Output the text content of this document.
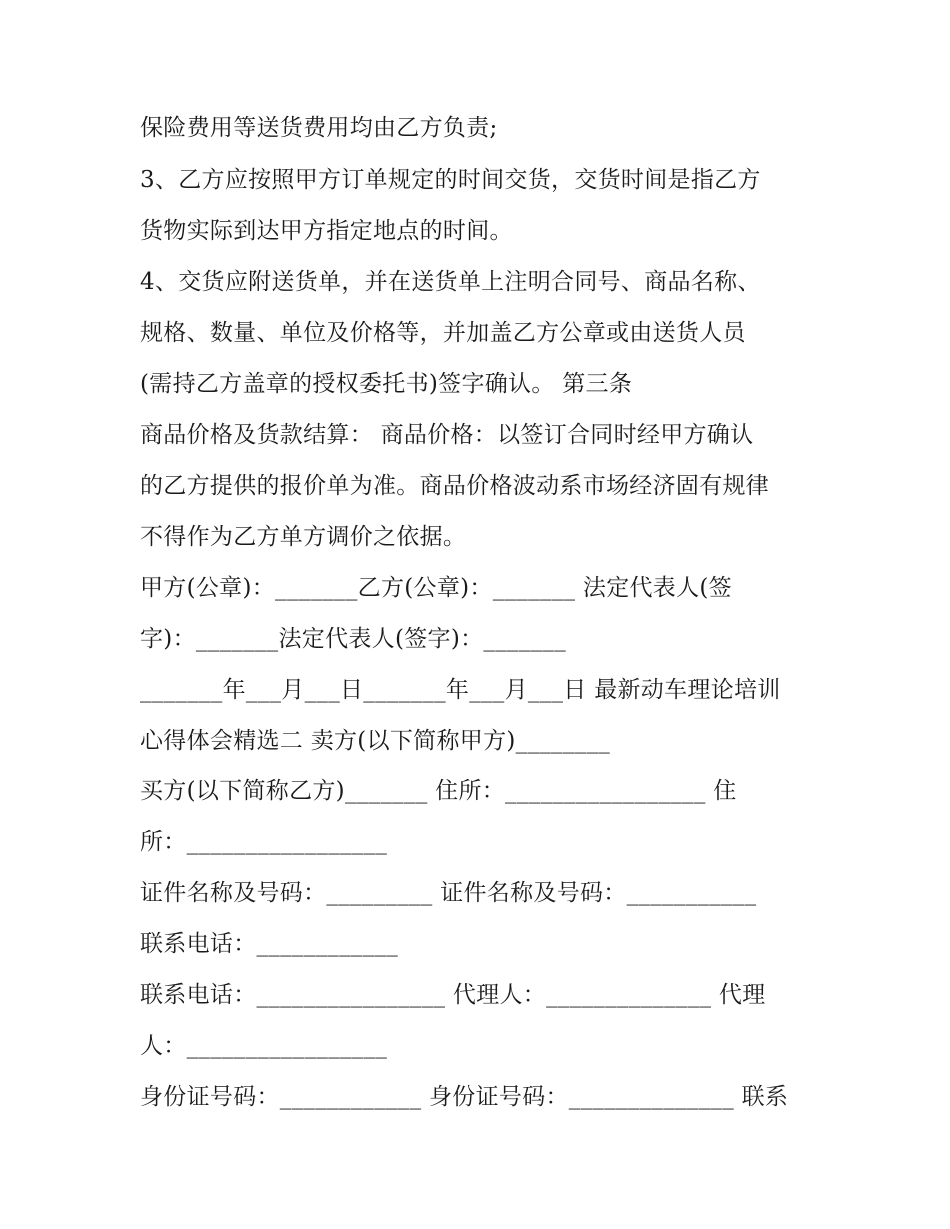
保险费用等送货费用均由乙方负责;
3、乙方应按照甲方订单规定的时间交货，交货时间是指乙方
货物实际到达甲方指定地点的时间。
4、交货应附送货单，并在送货单上注明合同号、商品名称、
规格、数量、单位及价格等，并加盖乙方公章或由送货人员
(需持乙方盖章的授权委托书)签字确认。 第三条
商品价格及货款结算： 商品价格：以签订合同时经甲方确认
的乙方提供的报价单为准。商品价格波动系市场经济固有规律
不得作为乙方单方调价之依据。
甲方(公章)：_______乙方(公章)：_______ 法定代表人(签
字)：_______法定代表人(签字)：_______
_______年___月___日_______年___月___日 最新动车理论培训
心得体会精选二 卖方(以下简称甲方)________
买方(以下简称乙方)_______ 住所：_________________ 住
所：_________________
证件名称及号码：_________ 证件名称及号码：___________
联系电话：____________
联系电话：________________ 代理人：______________ 代理
人：_________________
身份证号码：____________ 身份证号码：______________ 联系
